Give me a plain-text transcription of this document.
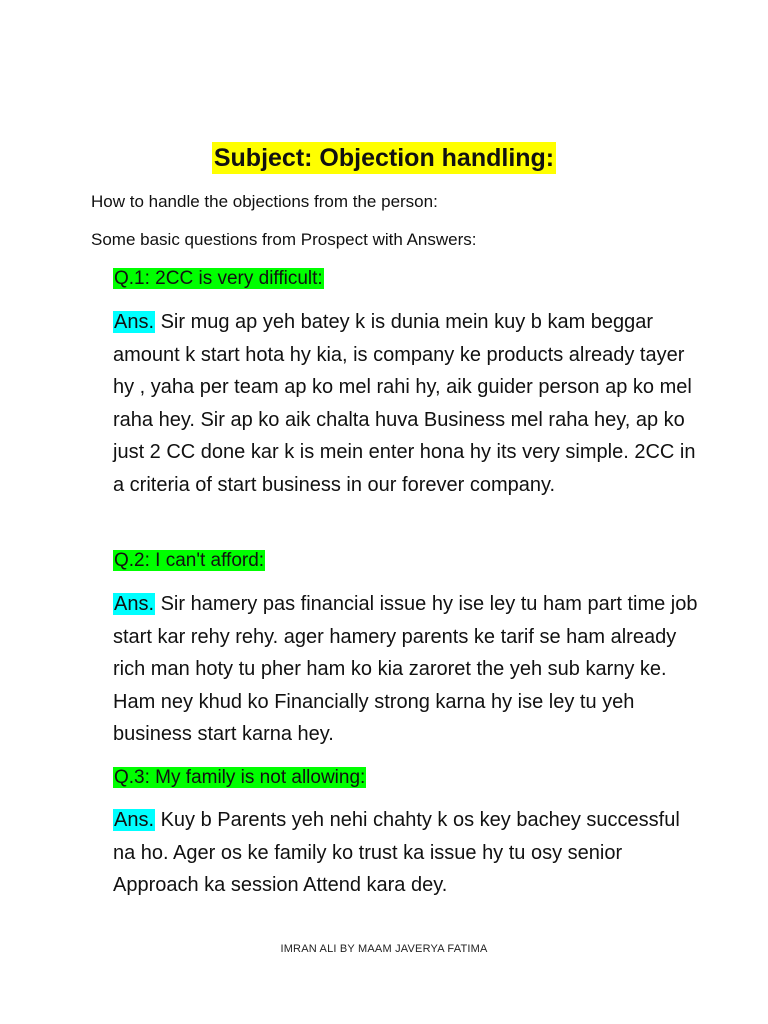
Subject: Objection handling:
How to handle the objections from the person:
Some basic questions from Prospect with Answers:
Q.1: 2CC is very difficult:
Ans. Sir mug ap yeh batey k is dunia mein kuy b kam beggar amount k start hota hy kia, is company ke products already tayer hy , yaha per team ap ko mel rahi hy, aik guider person ap ko mel raha hey. Sir ap ko aik chalta huva Business mel raha hey, ap ko just 2 CC done kar k is mein enter hona hy its very simple. 2CC in a criteria of start business in our forever company.
Q.2: I can't afford:
Ans. Sir hamery pas financial issue hy ise ley tu ham part time job start kar rehy rehy. ager hamery parents ke tarif se ham already rich man hoty tu pher ham ko kia zaroret the yeh sub karny ke. Ham ney khud ko Financially strong karna hy ise ley tu yeh business start karna hey.
Q.3: My family is not allowing:
Ans. Kuy b Parents yeh nehi chahty k os key bachey successful na ho. Ager os ke family ko trust ka issue hy tu osy senior Approach ka session Attend kara dey.
IMRAN ALI BY MAAM JAVERYA FATIMA
